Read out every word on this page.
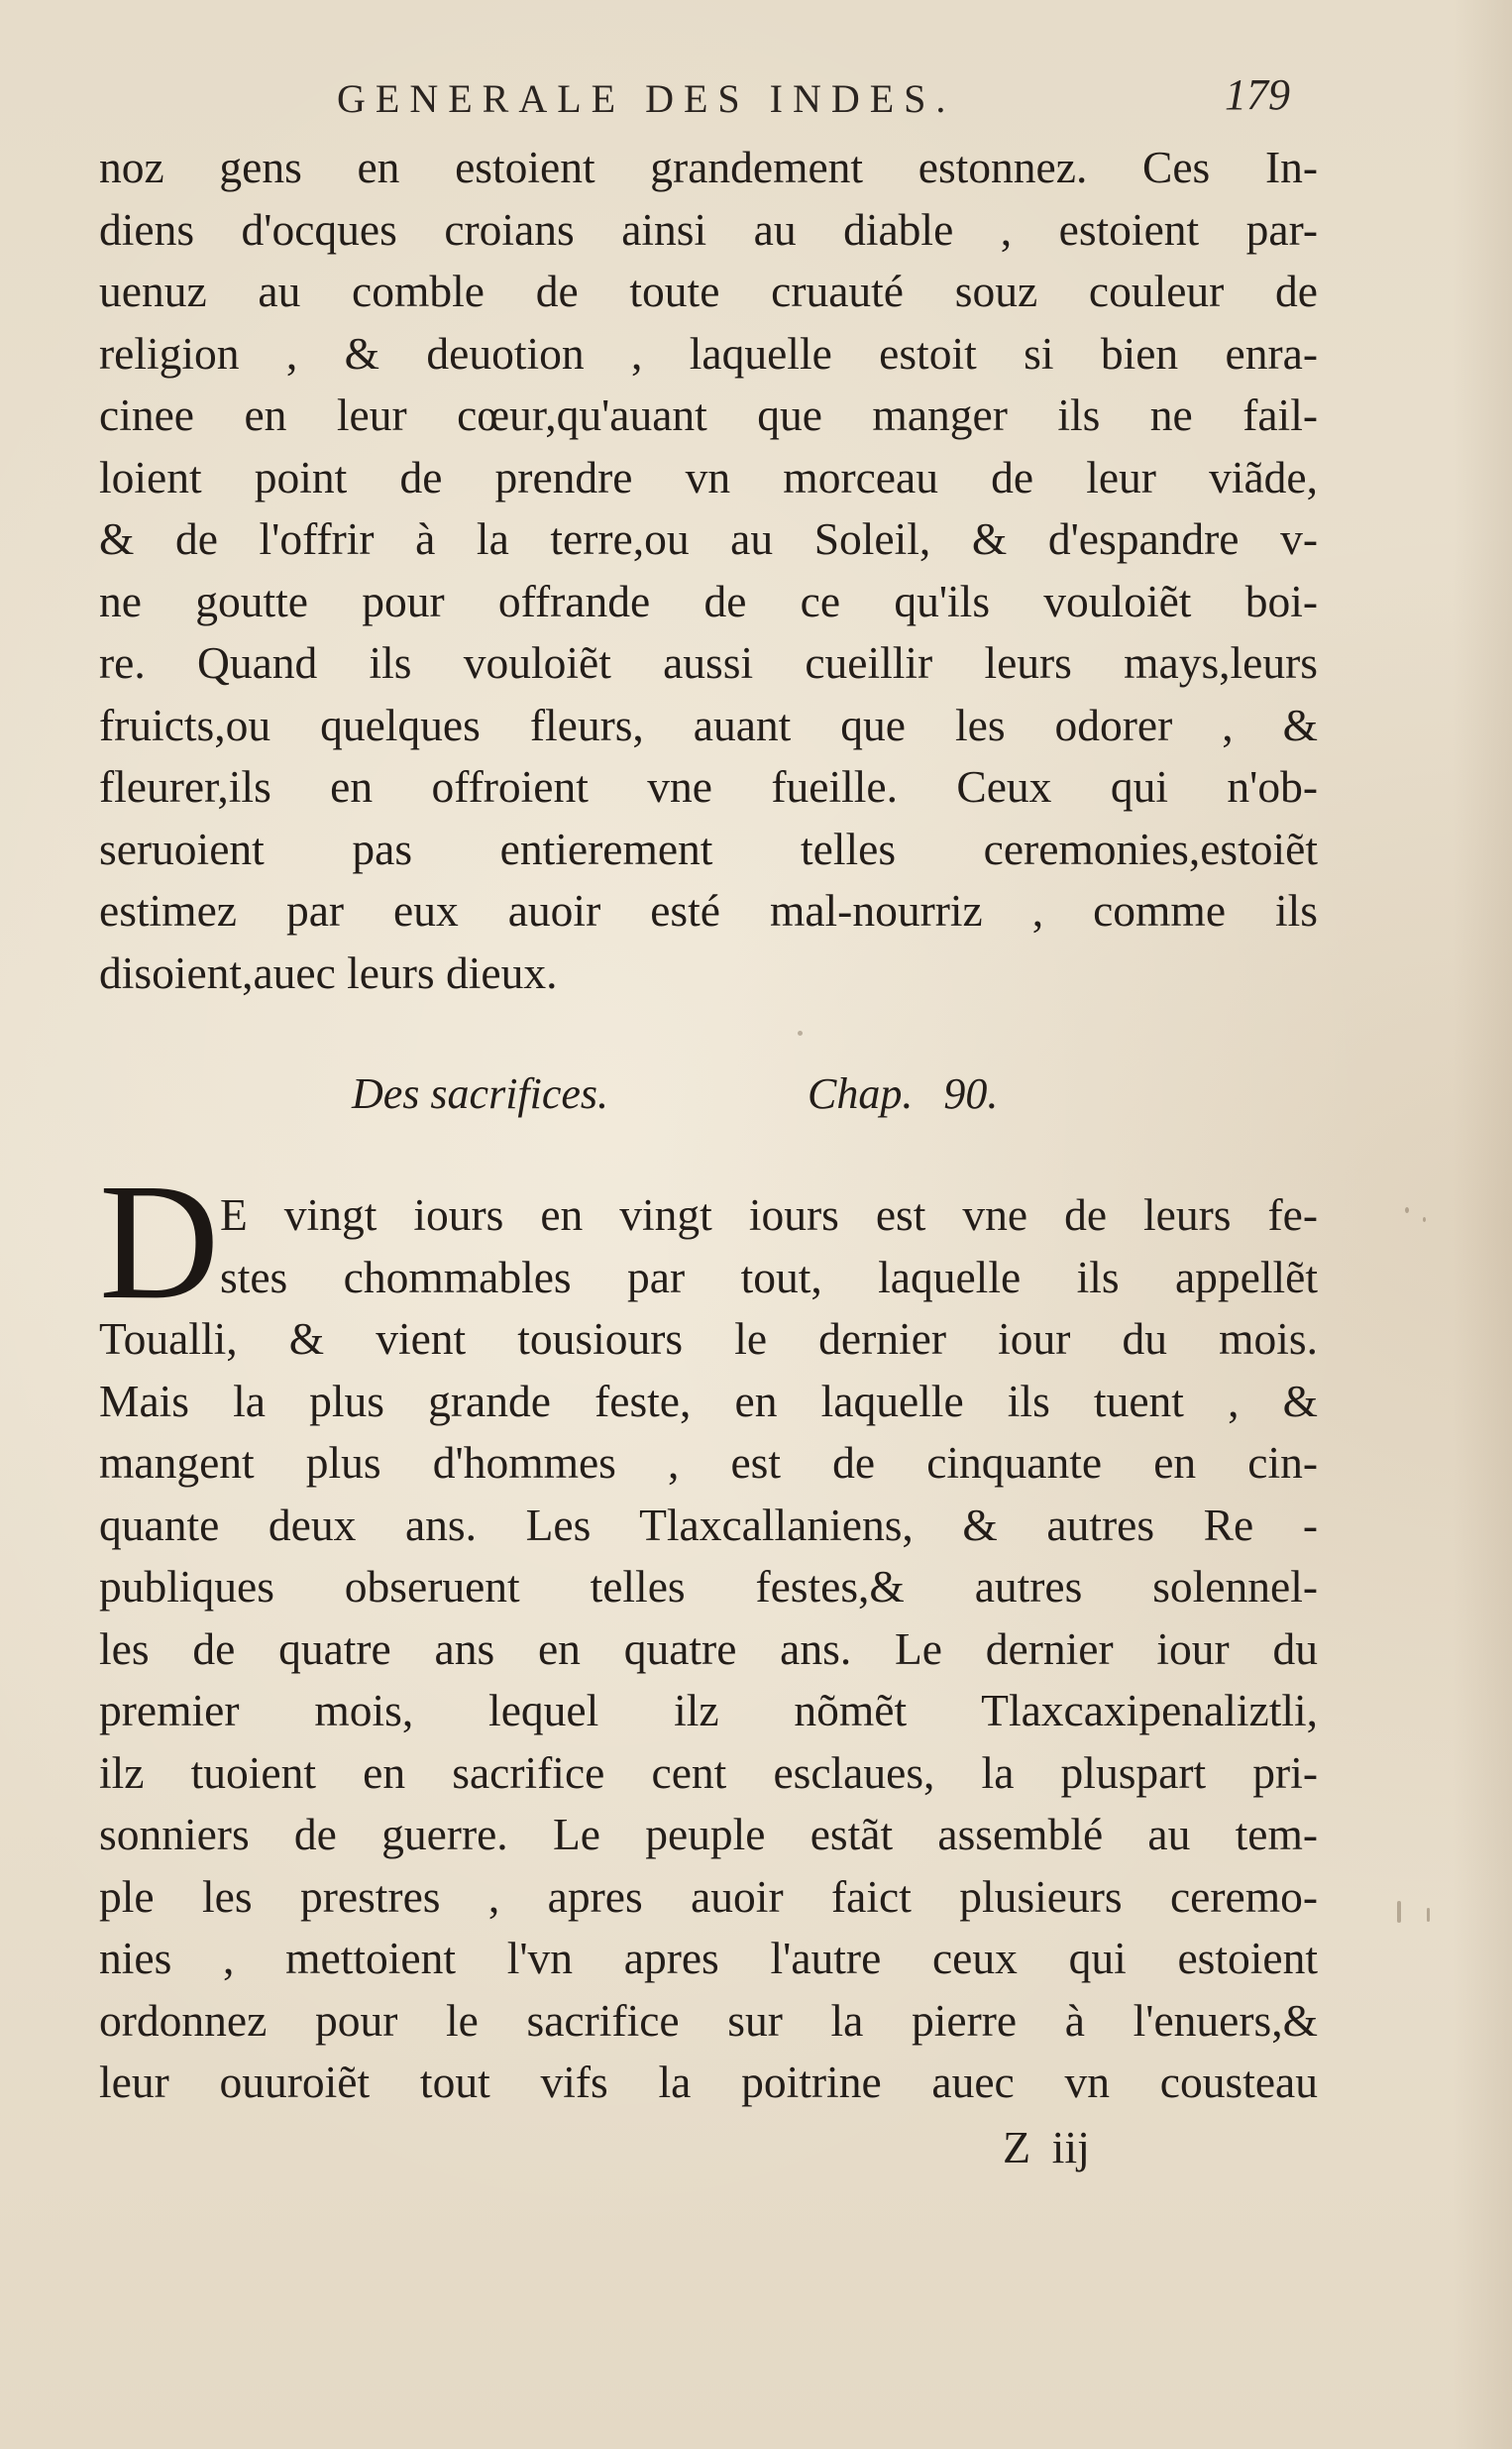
GENERALE DES INDES.	179
noz gens en estoient grandement estonnez. Ces In-
diens d'ocques croians ainsi au diable , estoient par-
uenuz au comble de toute cruauté souz couleur de
religion , & deuotion , laquelle estoit si bien enra-
cinee en leur cœur,qu'auant que manger ils ne fail-
loient point de prendre vn morceau de leur viãde,
& de l'offrir à la terre,ou au Soleil, & d'espandre v-
ne goutte pour offrande de ce qu'ils vouloiẽt boi-
re. Quand ils vouloiẽt aussi cueillir leurs mays,leurs
fruicts,ou quelques fleurs, auant que les odorer , &
fleurer,ils en offroient vne fueille. Ceux qui n'ob-
seruoient pas entierement telles ceremonies,estoiẽt
estimez par eux auoir esté mal-nourriz , comme ils
disoient,auec leurs dieux.
Des sacrifices.	Chap. 90.
D E vingt iours en vingt iours est vne de leurs fe-
stes chommables par tout, laquelle ils appellẽt
Toualli, & vient tousiours le dernier iour du mois.
Mais la plus grande feste, en laquelle ils tuent , &
mangent plus d'hommes , est de cinquante en cin-
quante deux ans. Les Tlaxcallaniens, & autres Re -
publiques obseruent telles festes,& autres solennel-
les de quatre ans en quatre ans. Le dernier iour du
premier mois, lequel ilz nõmẽt Tlaxcaxipenaliztli,
ilz tuoient en sacrifice cent esclaues, la pluspart pri-
sonniers de guerre. Le peuple estãt assemblé au tem-
ple les prestres , apres auoir faict plusieurs ceremo-
nies , mettoient l'vn apres l'autre ceux qui estoient
ordonnez pour le sacrifice sur la pierre à l'enuers,&
leur ouuroiẽt tout vifs la poitrine auec vn cousteau
Z iij
